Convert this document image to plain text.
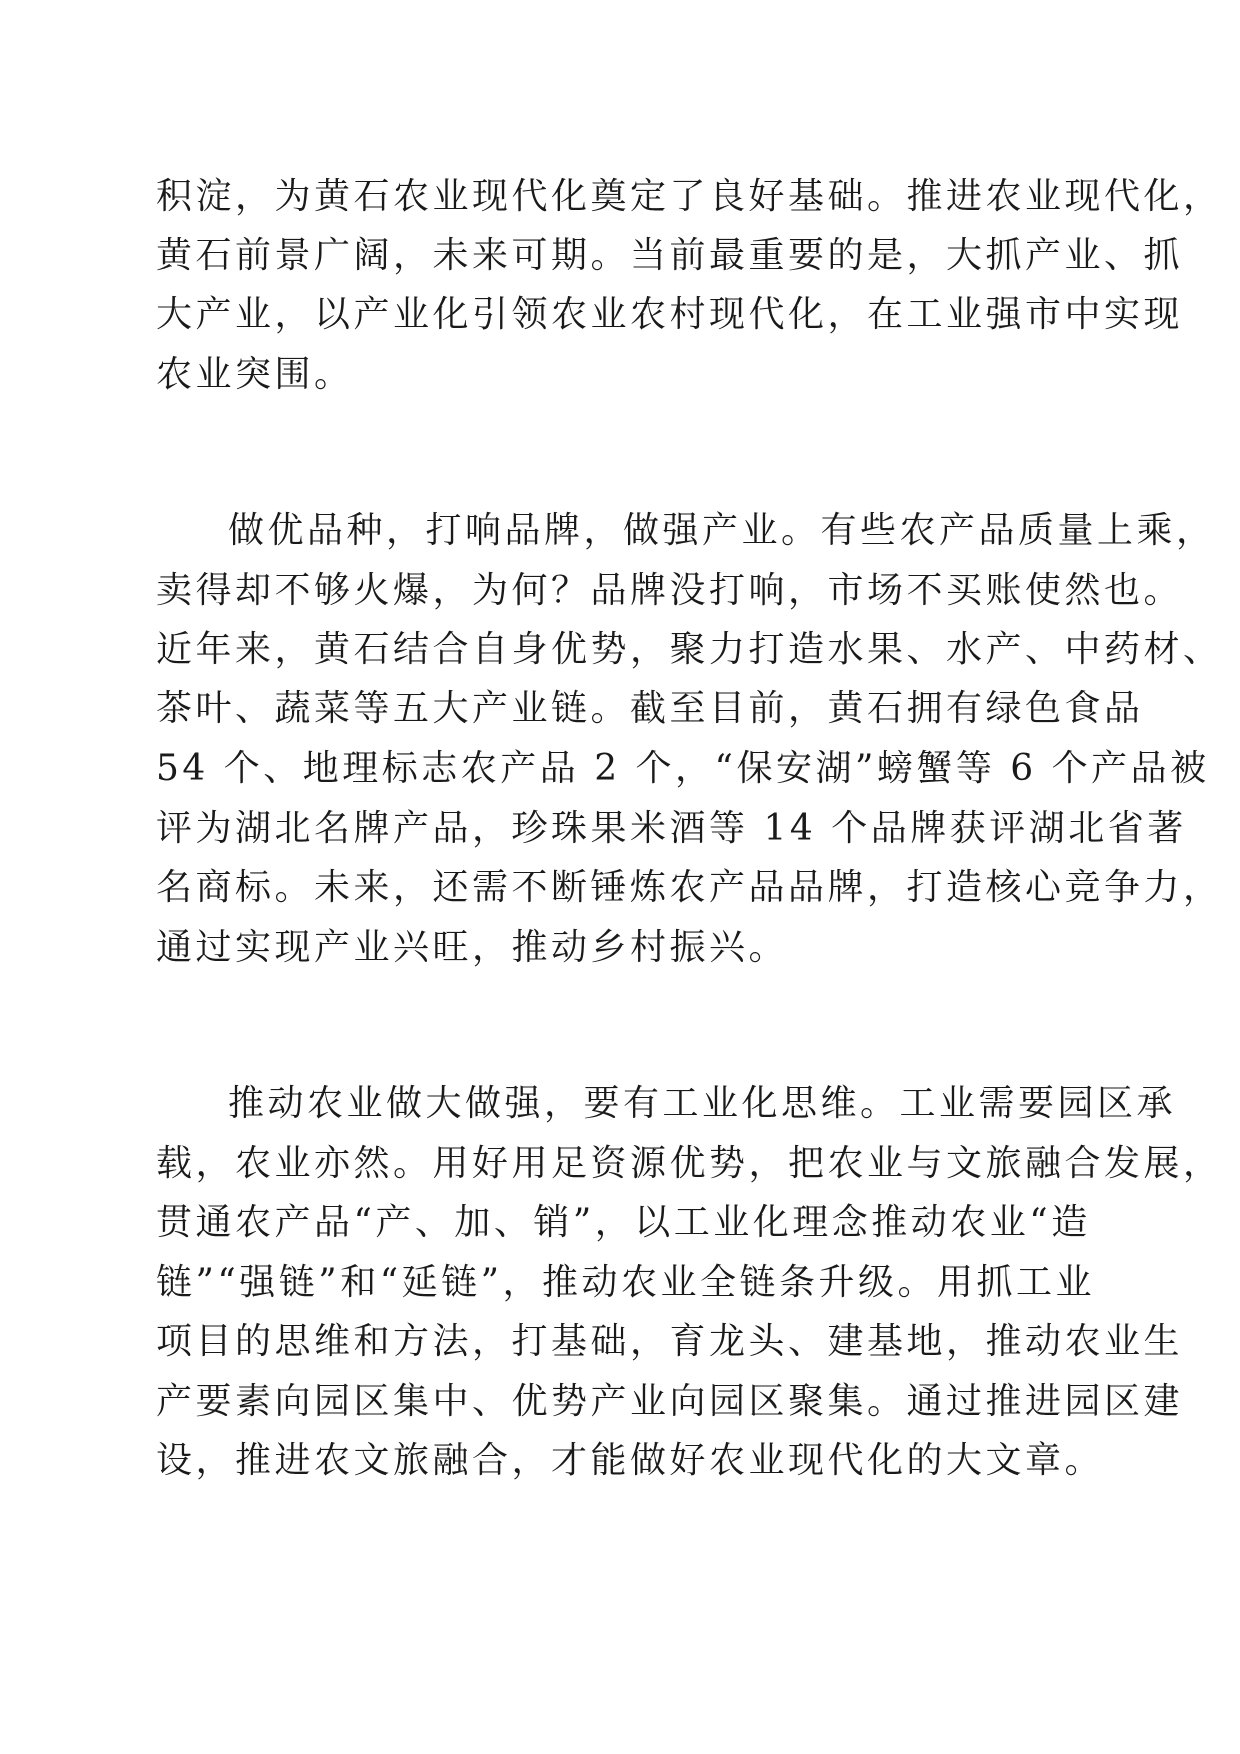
积淀，为黄石农业现代化奠定了良好基础。推进农业现代化，

黄石前景广阔，未来可期。当前最重要的是，大抓产业、抓

大产业，以产业化引领农业农村现代化，在工业强市中实现

农业突围。

做优品种，打响品牌，做强产业。有些农产品质量上乘，

卖得却不够火爆，为何？品牌没打响，市场不买账使然也。

近年来，黄石结合自身优势，聚力打造水果、水产、中药材、

茶叶、蔬菜等五大产业链。截至目前，黄石拥有绿色食品

54 个、地理标志农产品 2 个，“保安湖”螃蟹等 6 个产品被

评为湖北名牌产品，珍珠果米酒等 14 个品牌获评湖北省著

名商标。未来，还需不断锤炼农产品品牌，打造核心竞争力，

通过实现产业兴旺，推动乡村振兴。

推动农业做大做强，要有工业化思维。工业需要园区承

载，农业亦然。用好用足资源优势，把农业与文旅融合发展，

贯通农产品“产、加、销”，以工业化理念推动农业“造

链”“强链”和“延链”，推动农业全链条升级。用抓工业

项目的思维和方法，打基础，育龙头、建基地，推动农业生

产要素向园区集中、优势产业向园区聚集。通过推进园区建

设，推进农文旅融合，才能做好农业现代化的大文章。
